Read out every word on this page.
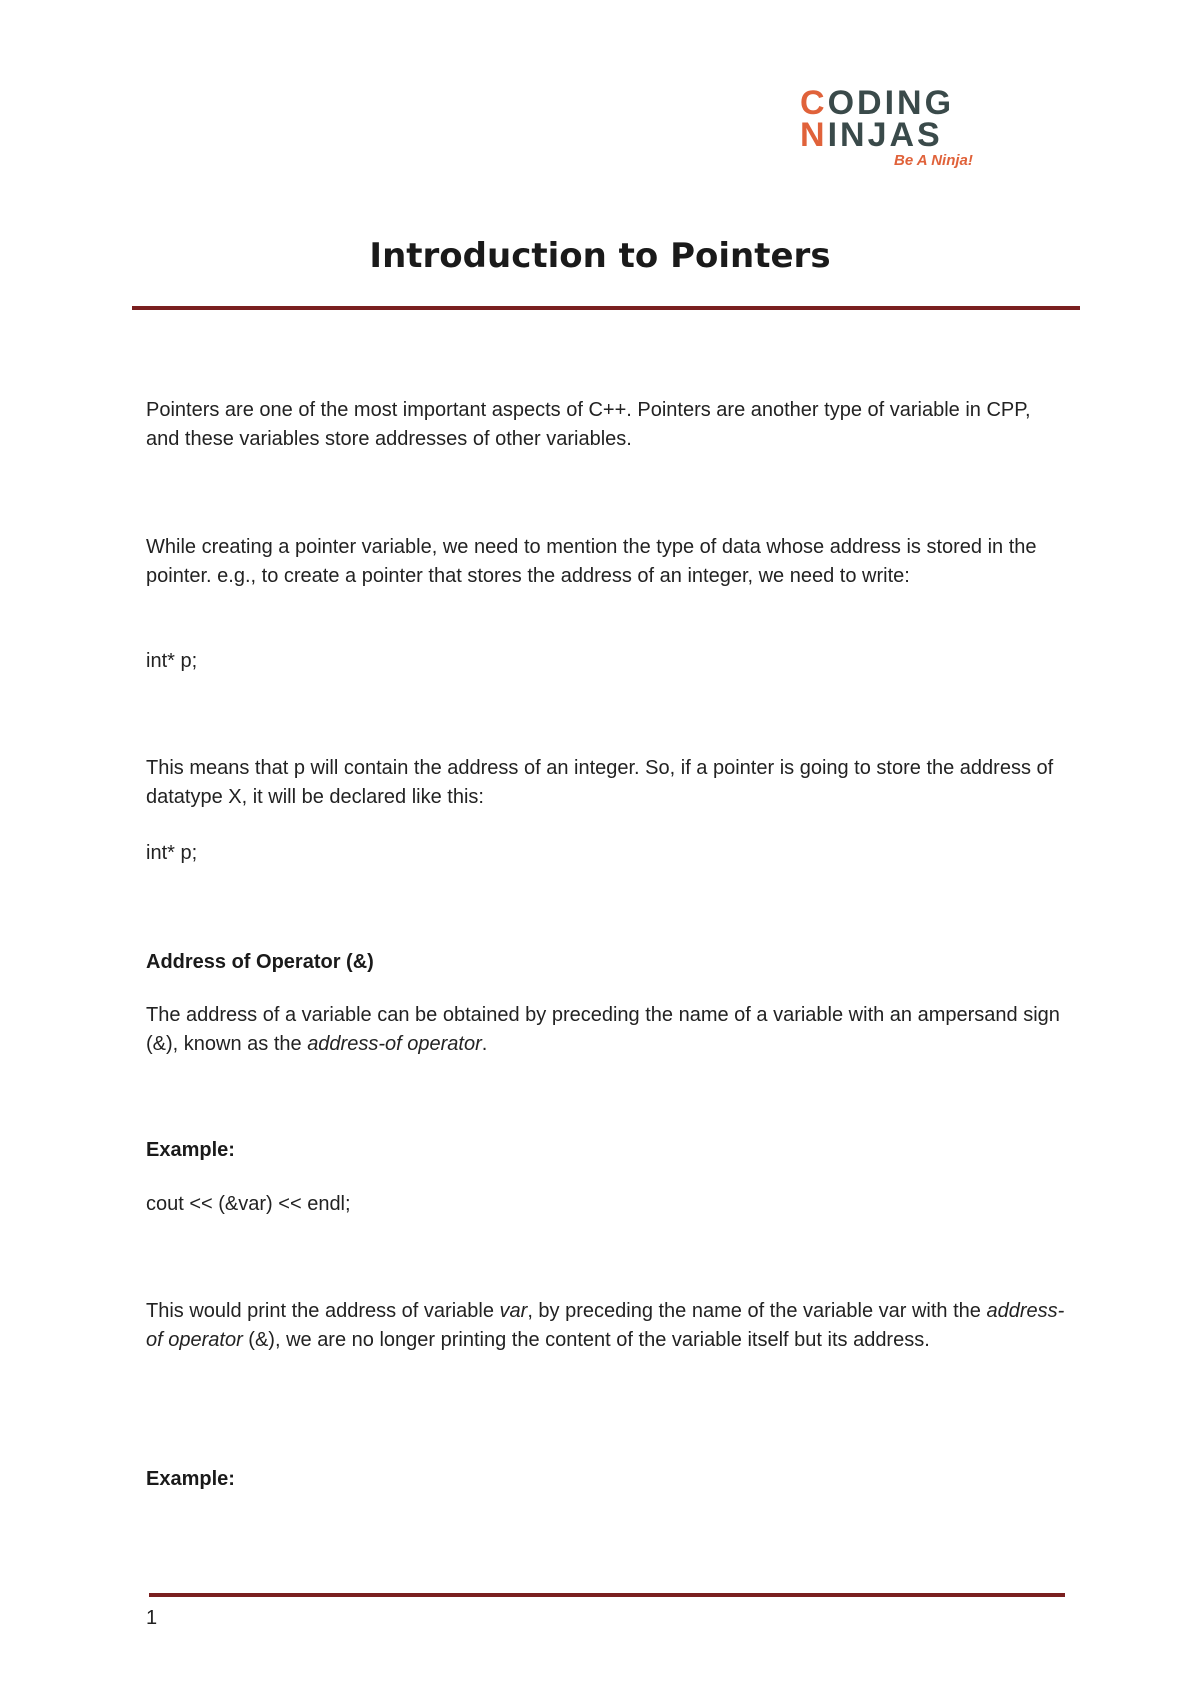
CODING
NINJAS
Be A Ninja!
Introduction to Pointers

Pointers are one of the most important aspects of C++. Pointers are another type of variable in CPP, and these variables store addresses of other variables.

While creating a pointer variable, we need to mention the type of data whose address is stored in the pointer. e.g., to create a pointer that stores the address of an integer, we need to write:

int* p;

This means that p will contain the address of an integer. So, if a pointer is going to store the address of datatype X, it will be declared like this:

int* p;

Address of Operator (&)

The address of a variable can be obtained by preceding the name of a variable with an ampersand sign (&), known as the address-of operator.

Example:

cout << (&var) << endl;

This would print the address of variable var, by preceding the name of the variable var with the address-of operator (&), we are no longer printing the content of the variable itself but its address.

Example:

1
